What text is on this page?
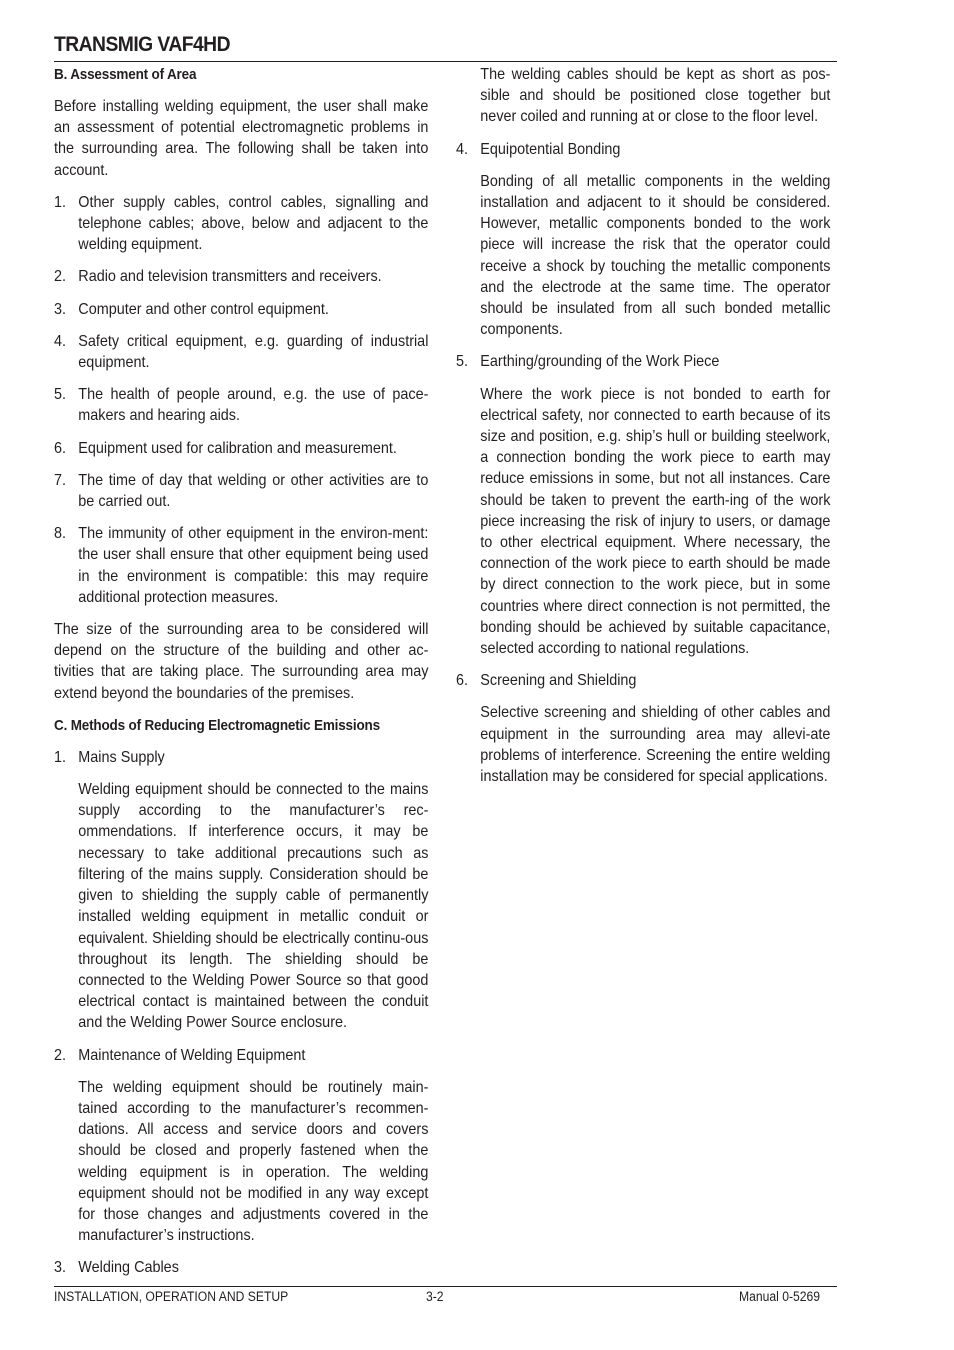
TRANSMIG VAF4HD
B. Assessment of Area

Before installing welding equipment, the user shall make an assessment of potential electromagnetic problems in the surrounding area. The following shall be taken into account.

1. Other supply cables, control cables, signalling and telephone cables; above, below and adjacent to the welding equipment.
2. Radio and television transmitters and receivers.
3. Computer and other control equipment.
4. Safety critical equipment, e.g. guarding of industrial equipment.
5. The health of people around, e.g. the use of pace-makers and hearing aids.
6. Equipment used for calibration and measurement.
7. The time of day that welding or other activities are to be carried out.
8. The immunity of other equipment in the environ-ment: the user shall ensure that other equipment being used in the environment is compatible: this may require additional protection measures.

The size of the surrounding area to be considered will depend on the structure of the building and other ac-tivities that are taking place. The surrounding area may extend beyond the boundaries of the premises.

C. Methods of Reducing Electromagnetic Emissions
1. Mains Supply

Welding equipment should be connected to the mains supply according to the manufacturer’s rec-ommendations. If interference occurs, it may be necessary to take additional precautions such as filtering of the mains supply. Consideration should be given to shielding the supply cable of permanently installed welding equipment in metallic conduit or equivalent. Shielding should be electrically continu-ous throughout its length. The shielding should be connected to the Welding Power Source so that good electrical contact is maintained between the conduit and the Welding Power Source enclosure.

2. Maintenance of Welding Equipment

The welding equipment should be routinely main-tained according to the manufacturer’s recommen-dations. All access and service doors and covers should be closed and properly fastened when the welding equipment is in operation. The welding equipment should not be modified in any way except for those changes and adjustments covered in the manufacturer’s instructions.

3. Welding Cables

The welding cables should be kept as short as pos-sible and should be positioned close together but never coiled and running at or close to the floor level.

4. Equipotential Bonding

Bonding of all metallic components in the welding installation and adjacent to it should be considered. However, metallic components bonded to the work piece will increase the risk that the operator could receive a shock by touching the metallic components and the electrode at the same time. The operator should be insulated from all such bonded metallic components.

5. Earthing/grounding of the Work Piece

Where the work piece is not bonded to earth for electrical safety, nor connected to earth because of its size and position, e.g. ship’s hull or building steelwork, a connection bonding the work piece to earth may reduce emissions in some, but not all instances. Care should be taken to prevent the earth-ing of the work piece increasing the risk of injury to users, or damage to other electrical equipment. Where necessary, the connection of the work piece to earth should be made by direct connection to the work piece, but in some countries where direct connection is not permitted, the bonding should be achieved by suitable capacitance, selected according to national regulations.

6. Screening and Shielding

Selective screening and shielding of other cables and equipment in the surrounding area may allevi-ate problems of interference. Screening the entire welding installation may be considered for special applications.

INSTALLATION, OPERATION AND SETUP	3-2	Manual 0-5269
